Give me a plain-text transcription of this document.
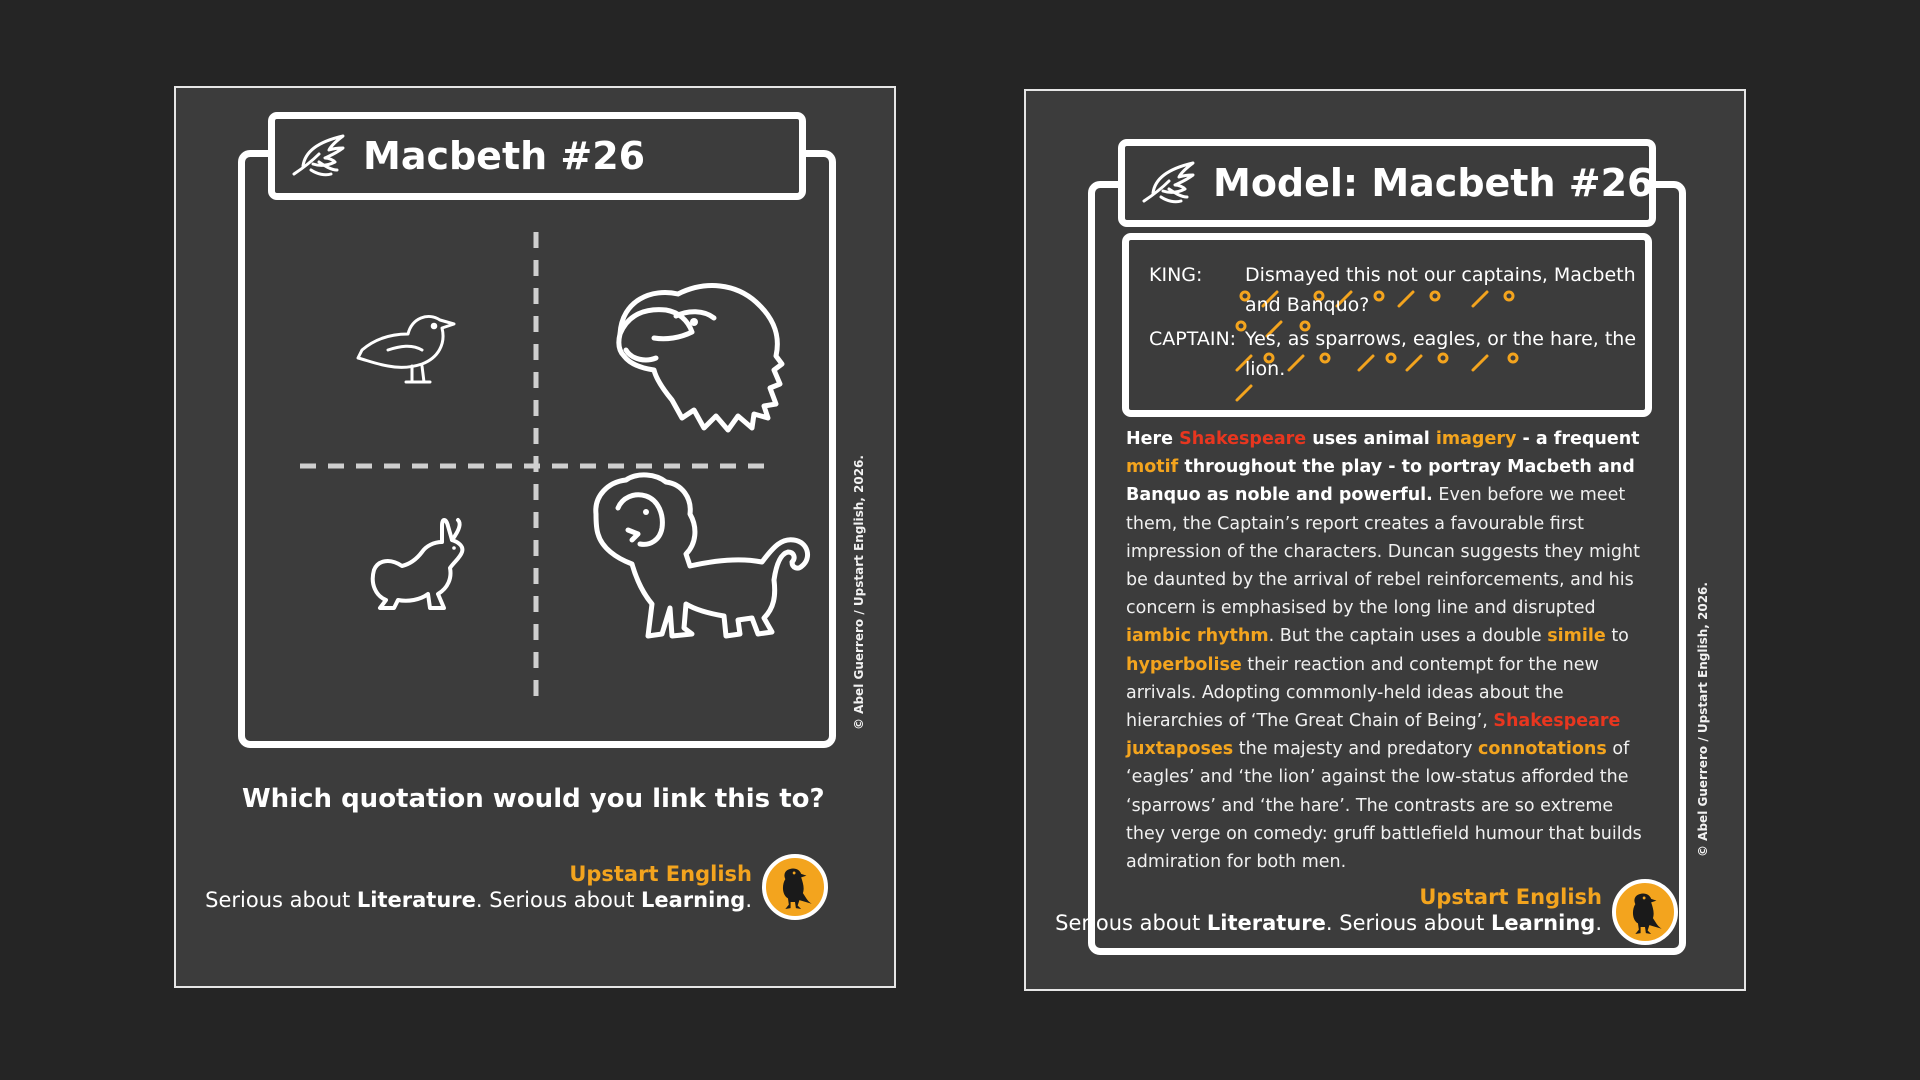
Macbeth #26
© Abel Guerrero / Upstart English, 2026.
Which quotation would you link this to?
Upstart English
Serious about Literature. Serious about Learning.
Model: Macbeth #26
KING: Dismayed this not our captains, Macbeth
and Banquo?
CAPTAIN: Yes, as sparrows, eagles, or the hare, the
lion.
Here Shakespeare uses animal imagery - a frequent motif throughout the play - to portray Macbeth and Banquo as noble and powerful. Even before we meet them, the Captain’s report creates a favourable first impression of the characters. Duncan suggests they might be daunted by the arrival of rebel reinforcements, and his concern is emphasised by the long line and disrupted iambic rhythm. But the captain uses a double simile to hyperbolise their reaction and contempt for the new arrivals. Adopting commonly-held ideas about the hierarchies of ‘The Great Chain of Being’, Shakespeare juxtaposes the majesty and predatory connotations of ‘eagles’ and ‘the lion’ against the low-status afforded the ‘sparrows’ and ‘the hare’. The contrasts are so extreme they verge on comedy: gruff battlefield humour that builds admiration for both men.
© Abel Guerrero / Upstart English, 2026.
Upstart English
Serious about Literature. Serious about Learning.
